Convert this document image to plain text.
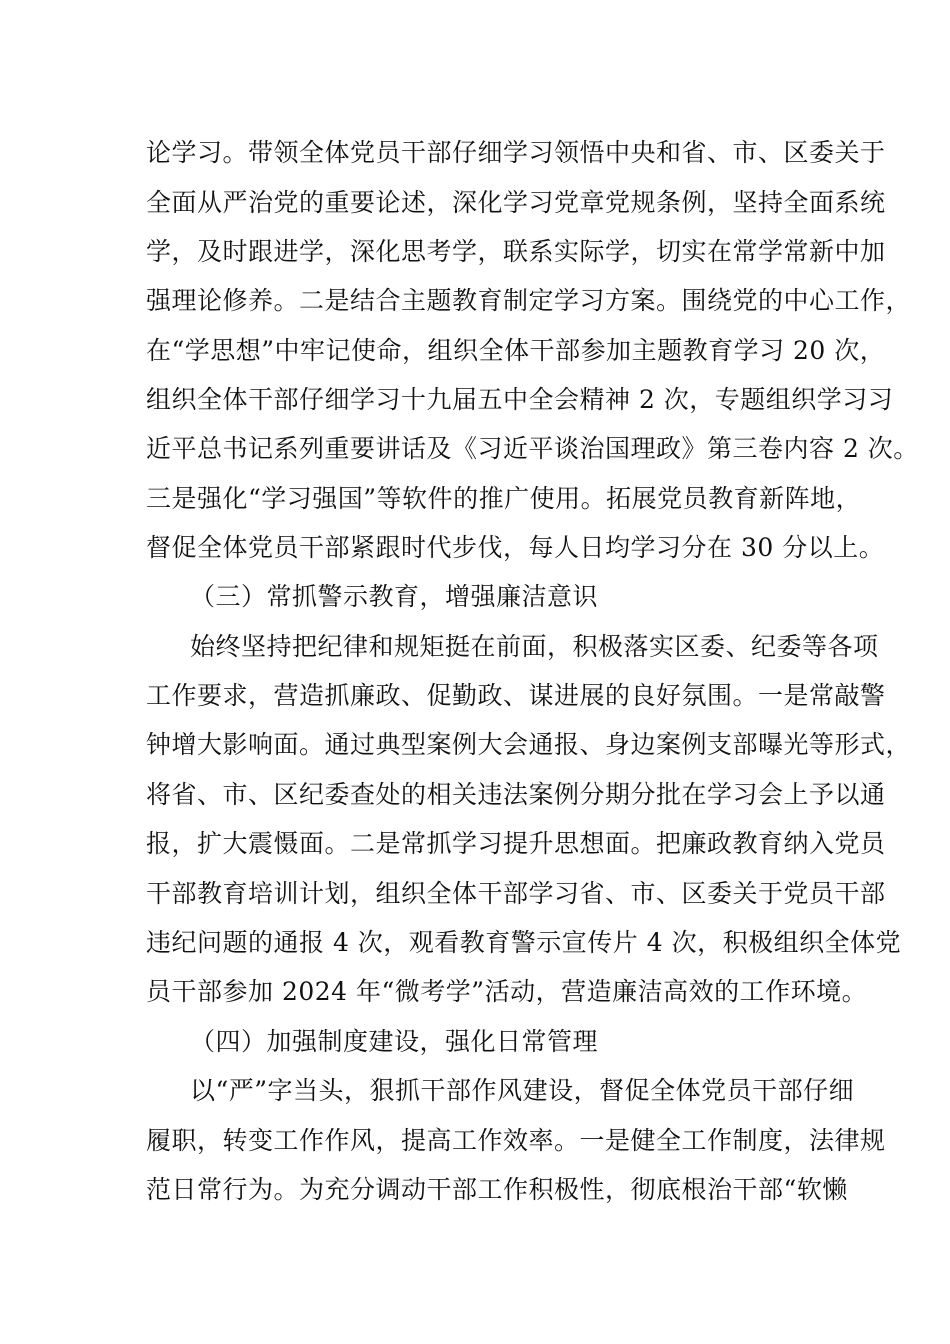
论学习。带领全体党员干部仔细学习领悟中央和省、市、区委关于
全面从严治党的重要论述，深化学习党章党规条例，坚持全面系统
学，及时跟进学，深化思考学，联系实际学，切实在常学常新中加
强理论修养。二是结合主题教育制定学习方案。围绕党的中心工作，
在“学思想”中牢记使命，组织全体干部参加主题教育学习 20 次，
组织全体干部仔细学习十九届五中全会精神 2 次，专题组织学习习
近平总书记系列重要讲话及《习近平谈治国理政》第三卷内容 2 次。
三是强化“学习强国”等软件的推广使用。拓展党员教育新阵地，
督促全体党员干部紧跟时代步伐，每人日均学习分在 30 分以上。
（三）常抓警示教育，增强廉洁意识
始终坚持把纪律和规矩挺在前面，积极落实区委、纪委等各项
工作要求，营造抓廉政、促勤政、谋进展的良好氛围。一是常敲警
钟增大影响面。通过典型案例大会通报、身边案例支部曝光等形式，
将省、市、区纪委查处的相关违法案例分期分批在学习会上予以通
报，扩大震慑面。二是常抓学习提升思想面。把廉政教育纳入党员
干部教育培训计划，组织全体干部学习省、市、区委关于党员干部
违纪问题的通报 4 次，观看教育警示宣传片 4 次，积极组织全体党
员干部参加 2024 年“微考学”活动，营造廉洁高效的工作环境。
（四）加强制度建设，强化日常管理
以“严”字当头，狠抓干部作风建设，督促全体党员干部仔细
履职，转变工作作风，提高工作效率。一是健全工作制度，法律规
范日常行为。为充分调动干部工作积极性，彻底根治干部“软懒
